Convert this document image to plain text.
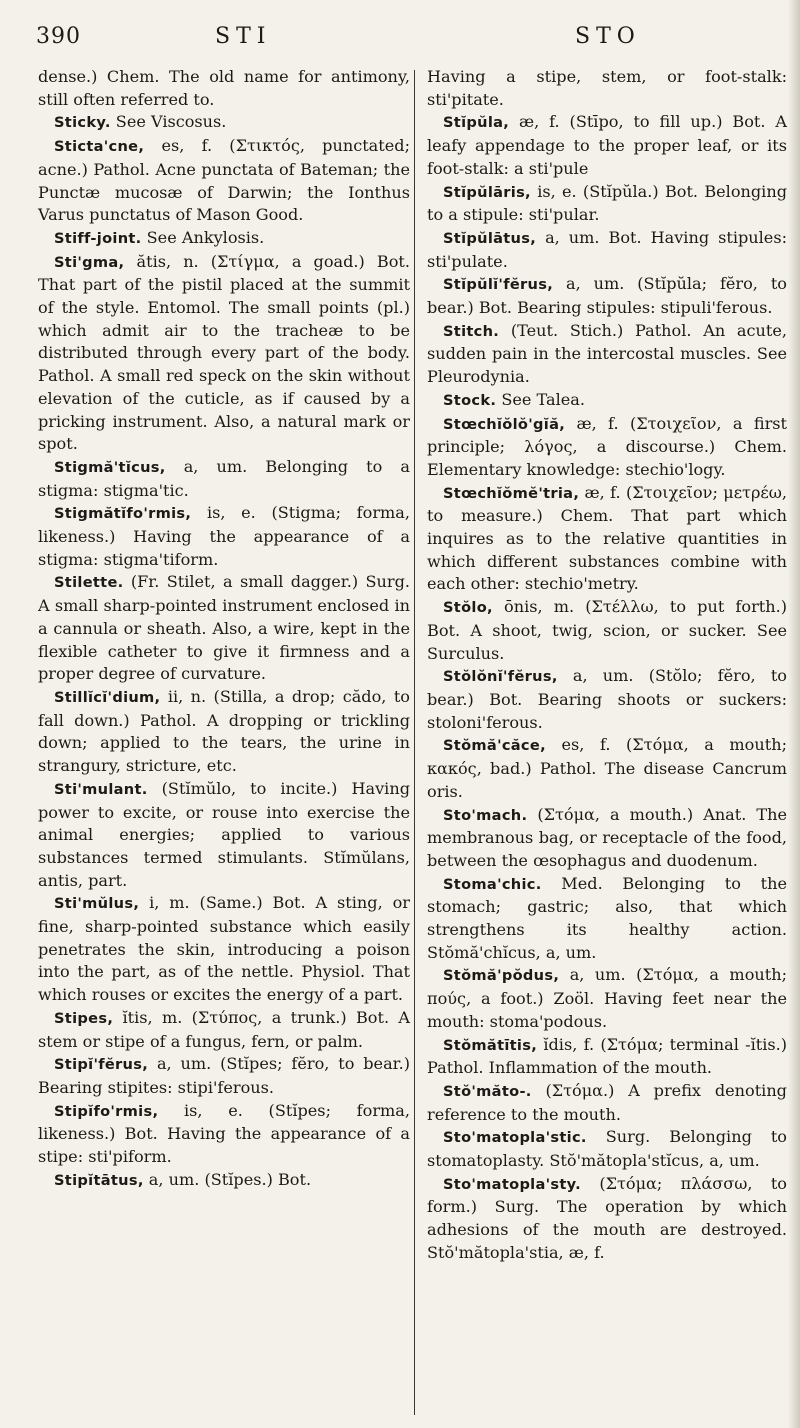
390	STI	STO

dense.) Chem. The old name for antimony, still often referred to.

Sticky. See Viscosus.

Sticta'cne, es, f. (Στικτός, punctated; acne.) Pathol. Acne punctata of Bateman; the Punctæ mucosæ of Darwin; the Ionthus Varus punctatus of Mason Good.

Stiff-joint. See Ankylosis.

Sti'gma, ătis, n. (Στίγμα, a goad.) Bot. That part of the pistil placed at the summit of the style. Entomol. The small points (pl.) which admit air to the tracheæ to be distributed through every part of the body. Pathol. A small red speck on the skin without elevation of the cuticle, as if caused by a pricking instrument. Also, a natural mark or spot.

Stigmă'tĭcus, a, um. Belonging to a stigma: stigma'tic.

Stigmătĭfo'rmis, is, e. (Stigma; forma, likeness.) Having the appearance of a stigma: stigma'tiform.

Stilette. (Fr. Stilet, a small dagger.) Surg. A small sharp-pointed instrument enclosed in a cannula or sheath. Also, a wire, kept in the flexible catheter to give it firmness and a proper degree of curvature.

Stillĭcĭ'dium, ii, n. (Stilla, a drop; cădo, to fall down.) Pathol. A dropping or trickling down; applied to the tears, the urine in strangury, stricture, etc.

Sti'mulant. (Stĭmŭlo, to incite.) Having power to excite, or rouse into exercise the animal energies; applied to various substances termed stimulants. Stĭmŭlans, antis, part.

Sti'mŭlus, i, m. (Same.) Bot. A sting, or fine, sharp-pointed substance which easily penetrates the skin, introducing a poison into the part, as of the nettle. Physiol. That which rouses or excites the energy of a part.

Stipes, ĭtis, m. (Στύπος, a trunk.) Bot. A stem or stipe of a fungus, fern, or palm.

Stipĭ'fĕrus, a, um. (Stĭpes; fĕro, to bear.) Bearing stipites: stipi'ferous.

Stipĭfo'rmis, is, e. (Stĭpes; forma, likeness.) Bot. Having the appearance of a stipe: sti'piform.

Stipĭtātus, a, um. (Stĭpes.) Bot.

Having a stipe, stem, or foot-stalk: sti'pitate.

Stĭpŭla, æ, f. (Stīpo, to fill up.) Bot. A leafy appendage to the proper leaf, or its foot-stalk: a sti'pule

Stĭpŭlāris, is, e. (Stĭpŭla.) Bot. Belonging to a stipule: sti'pular.

Stĭpŭlātus, a, um. Bot. Having stipules: sti'pulate.

Stĭpŭlĭ'fĕrus, a, um. (Stĭpŭla; fĕro, to bear.) Bot. Bearing stipules: stipuli'ferous.

Stitch. (Teut. Stich.) Pathol. An acute, sudden pain in the intercostal muscles. See Pleurodynia.

Stock. See Talea.

Stœchĭŏlŏ'gĭă, æ, f. (Στοιχεῖον, a first principle; λόγος, a discourse.) Chem. Elementary knowledge: stechio'logy.

Stœchĭŏmĕ'tria, æ, f. (Στοιχεῖον; μετρέω, to measure.) Chem. That part which inquires as to the relative quantities in which different substances combine with each other: stechio'metry.

Stŏlo, ōnis, m. (Στέλλω, to put forth.) Bot. A shoot, twig, scion, or sucker. See Surculus.

Stŏlŏnĭ'fĕrus, a, um. (Stŏlo; fĕro, to bear.) Bot. Bearing shoots or suckers: stoloni'ferous.

Stŏmă'căce, es, f. (Στόμα, a mouth; κακός, bad.) Pathol. The disease Cancrum oris.

Sto'mach. (Στόμα, a mouth.) Anat. The membranous bag, or receptacle of the food, between the œsophagus and duodenum.

Stoma'chic. Med. Belonging to the stomach; gastric; also, that which strengthens its healthy action. Stŏmă'chĭcus, a, um.

Stŏmă'pŏdus, a, um. (Στόμα, a mouth; πούς, a foot.) Zoöl. Having feet near the mouth: stoma'podous.

Stŏmătītis, ĭdis, f. (Στόμα; terminal -ĭtis.) Pathol. Inflammation of the mouth.

Stŏ'măto-. (Στόμα.) A prefix denoting reference to the mouth.

Sto'matopla'stic. Surg. Belonging to stomatoplasty. Stŏ'mătopla'stĭcus, a, um.

Sto'matopla'sty. (Στόμα; πλάσσω, to form.) Surg. The operation by which adhesions of the mouth are destroyed. Stŏ'mătopla'stia, æ, f.
